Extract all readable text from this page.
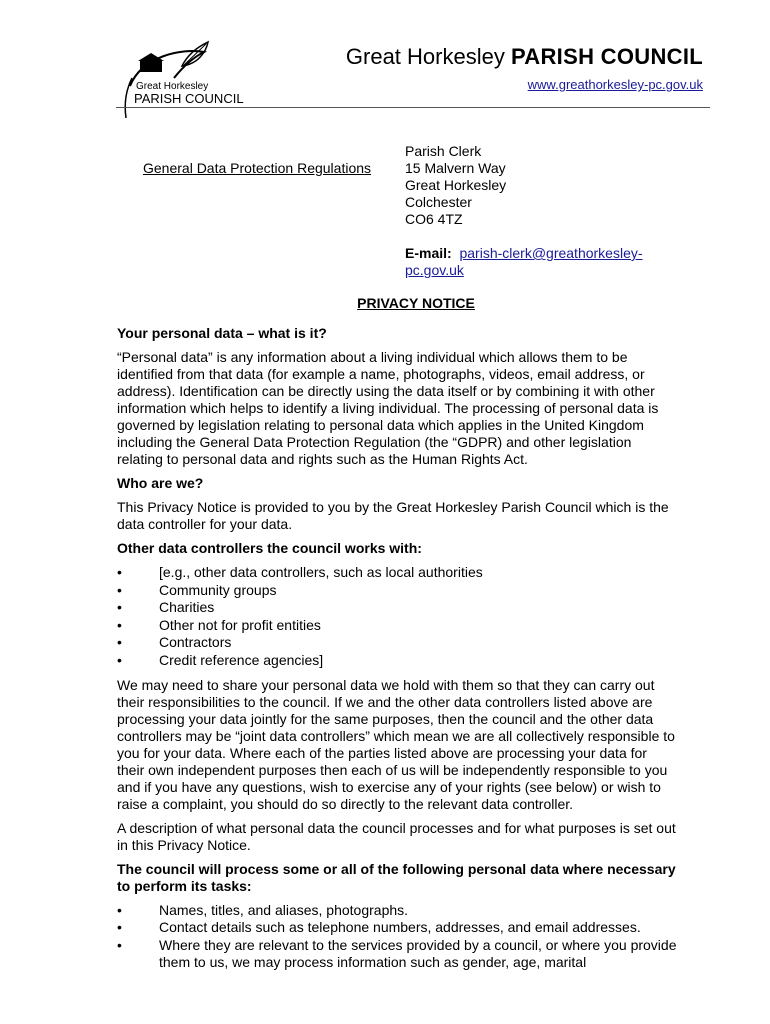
Great Horkesley
PARISH COUNCIL
Great Horkesley PARISH COUNCIL
www.greathorkesley-pc.gov.uk
General Data Protection Regulations
Parish Clerk
15 Malvern Way
Great Horkesley
Colchester
CO6 4TZ
E-mail: parish-clerk@greathorkesley-pc.gov.uk
PRIVACY NOTICE
Your personal data – what is it?

“Personal data” is any information about a living individual which allows them to be identified from that data (for example a name, photographs, videos, email address, or address). Identification can be directly using the data itself or by combining it with other information which helps to identify a living individual. The processing of personal data is governed by legislation relating to personal data which applies in the United Kingdom including the General Data Protection Regulation (the “GDPR) and other legislation relating to personal data and rights such as the Human Rights Act.

Who are we?

This Privacy Notice is provided to you by the Great Horkesley Parish Council which is the data controller for your data.

Other data controllers the council works with:
•	[e.g., other data controllers, such as local authorities
•	Community groups
•	Charities
•	Other not for profit entities
•	Contractors
•	Credit reference agencies]

We may need to share your personal data we hold with them so that they can carry out their responsibilities to the council. If we and the other data controllers listed above are processing your data jointly for the same purposes, then the council and the other data controllers may be “joint data controllers” which mean we are all collectively responsible to you for your data. Where each of the parties listed above are processing your data for their own independent purposes then each of us will be independently responsible to you and if you have any questions, wish to exercise any of your rights (see below) or wish to raise a complaint, you should do so directly to the relevant data controller.

A description of what personal data the council processes and for what purposes is set out in this Privacy Notice.

The council will process some or all of the following personal data where necessary to perform its tasks:
•	Names, titles, and aliases, photographs.
•	Contact details such as telephone numbers, addresses, and email addresses.
•	Where they are relevant to the services provided by a council, or where you provide them to us, we may process information such as gender, age, marital
